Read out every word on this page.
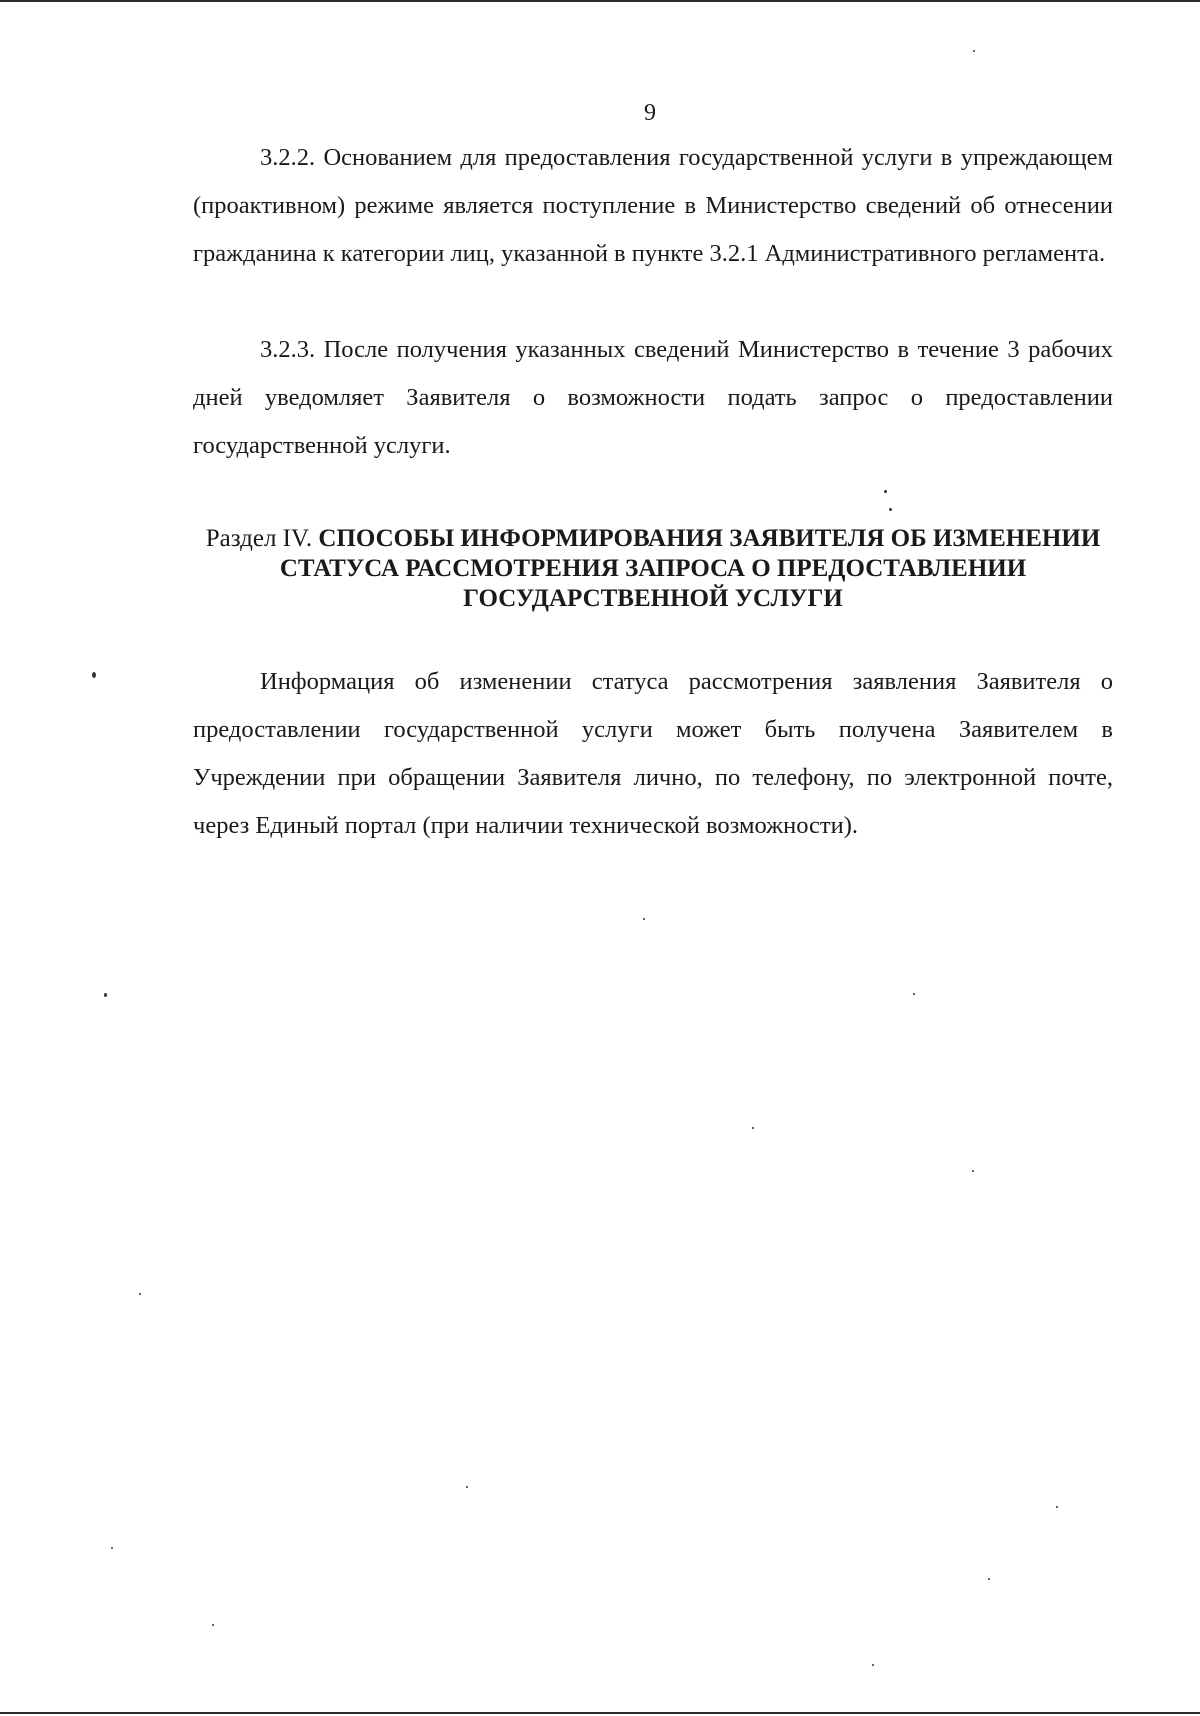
9

3.2.2. Основанием для предоставления государственной услуги в упреждающем (проактивном) режиме является поступление в Министерство сведений об отнесении гражданина к категории лиц, указанной в пункте 3.2.1 Административного регламента.

3.2.3. После получения указанных сведений Министерство в течение 3 рабочих дней уведомляет Заявителя о возможности подать запрос о предоставлении государственной услуги.

Раздел IV. СПОСОБЫ ИНФОРМИРОВАНИЯ ЗАЯВИТЕЛЯ ОБ ИЗМЕНЕНИИ СТАТУСА РАССМОТРЕНИЯ ЗАПРОСА О ПРЕДОСТАВЛЕНИИ ГОСУДАРСТВЕННОЙ УСЛУГИ

Информация об изменении статуса рассмотрения заявления Заявителя о предоставлении государственной услуги может быть получена Заявителем в Учреждении при обращении Заявителя лично, по телефону, по электронной почте, через Единый портал (при наличии технической возможности).
